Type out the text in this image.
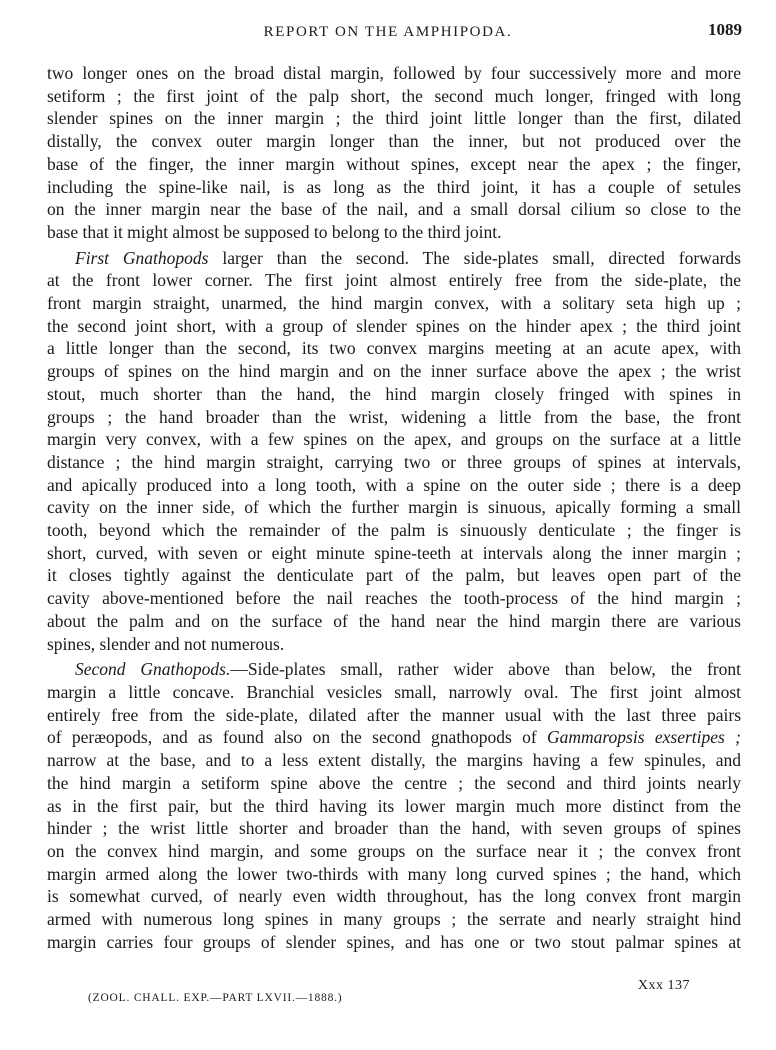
REPORT ON THE AMPHIPODA.	1089
two longer ones on the broad distal margin, followed by four successively more and more
setiform ; the first joint of the palp short, the second much longer, fringed with long
slender spines on the inner margin ; the third joint little longer than the first, dilated
distally, the convex outer margin longer than the inner, but not produced over the
base of the finger, the inner margin without spines, except near the apex ; the finger,
including the spine-like nail, is as long as the third joint, it has a couple of setules
on the inner margin near the base of the nail, and a small dorsal cilium so close to the
base that it might almost be supposed to belong to the third joint.
First Gnathopods larger than the second. The side-plates small, directed forwards
at the front lower corner. The first joint almost entirely free from the side-plate, the
front margin straight, unarmed, the hind margin convex, with a solitary seta high up ;
the second joint short, with a group of slender spines on the hinder apex ; the third joint
a little longer than the second, its two convex margins meeting at an acute apex, with
groups of spines on the hind margin and on the inner surface above the apex ; the wrist
stout, much shorter than the hand, the hind margin closely fringed with spines in
groups ; the hand broader than the wrist, widening a little from the base, the front
margin very convex, with a few spines on the apex, and groups on the surface at a little
distance ; the hind margin straight, carrying two or three groups of spines at intervals,
and apically produced into a long tooth, with a spine on the outer side ; there is a deep
cavity on the inner side, of which the further margin is sinuous, apically forming a small
tooth, beyond which the remainder of the palm is sinuously denticulate ; the finger is
short, curved, with seven or eight minute spine-teeth at intervals along the inner margin ;
it closes tightly against the denticulate part of the palm, but leaves open part of the
cavity above-mentioned before the nail reaches the tooth-process of the hind margin ;
about the palm and on the surface of the hand near the hind margin there are various
spines, slender and not numerous.
Second Gnathopods.—Side-plates small, rather wider above than below, the front
margin a little concave. Branchial vesicles small, narrowly oval. The first joint almost
entirely free from the side-plate, dilated after the manner usual with the last three pairs
of peræopods, and as found also on the second gnathopods of Gammaropsis exsertipes ;
narrow at the base, and to a less extent distally, the margins having a few spinules, and
the hind margin a setiform spine above the centre ; the second and third joints nearly
as in the first pair, but the third having its lower margin much more distinct from the
hinder ; the wrist little shorter and broader than the hand, with seven groups of spines
on the convex hind margin, and some groups on the surface near it ; the convex front
margin armed along the lower two-thirds with many long curved spines ; the hand, which
is somewhat curved, of nearly even width throughout, has the long convex front margin
armed with numerous long spines in many groups ; the serrate and nearly straight hind
margin carries four groups of slender spines, and has one or two stout palmar spines at
Xxx 137
(ZOOL. CHALL. EXP.—PART LXVII.—1888.)
